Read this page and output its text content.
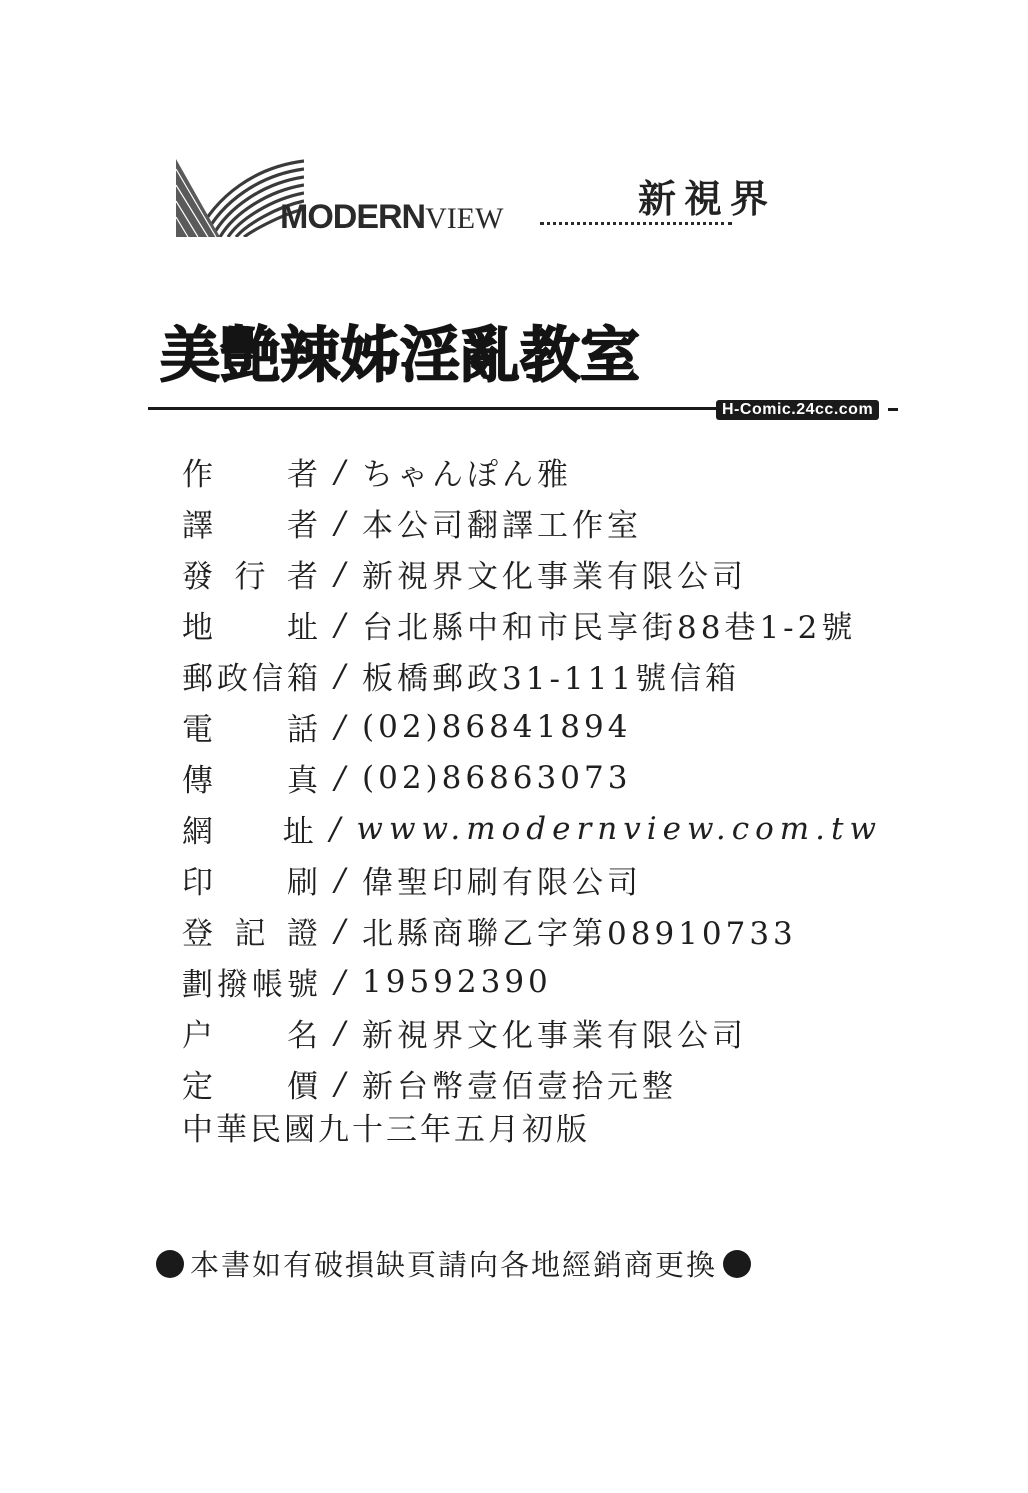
MODERNVIEW	新視界
美艷辣姊淫亂教室
H-Comic.24cc.com
作 者 / ちゃんぽん雅
譯 者 / 本公司翻譯工作室
發 行 者 / 新視界文化事業有限公司
地 址 / 台北縣中和市民享街88巷1-2號
郵 政 信 箱 / 板橋郵政31-111號信箱
電 話 / (02)86841894
傳 真 / (02)86863073
網 址 / www.modernview.com.tw
印 刷 / 偉聖印刷有限公司
登 記 證 / 北縣商聯乙字第08910733
劃 撥 帳 號 / 19592390
户 名 / 新視界文化事業有限公司
定 價 / 新台幣壹佰壹拾元整
中華民國九十三年五月初版
本書如有破損缺頁請向各地經銷商更換
